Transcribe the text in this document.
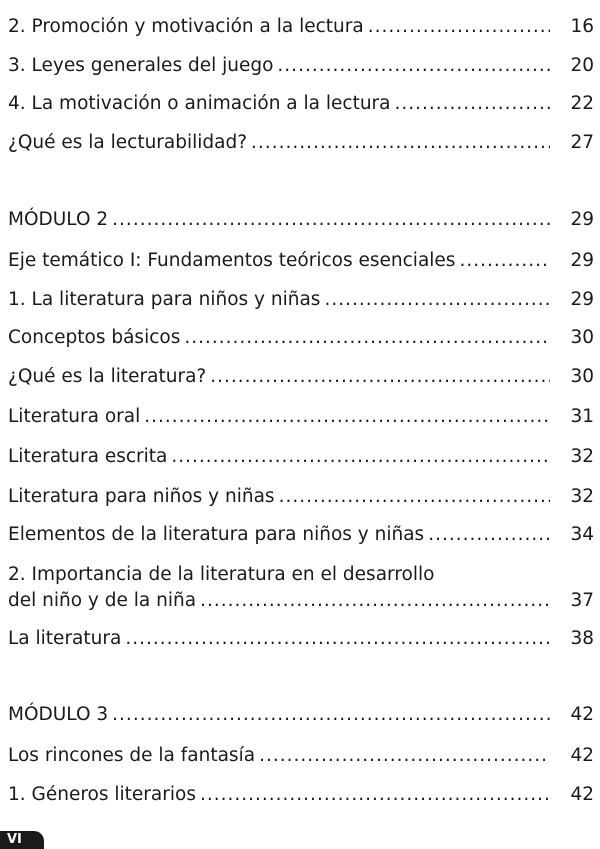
2. Promoción y motivación a la lectura .....	16
3. Leyes generales del juego .....	20
4. La motivación o animación a la lectura .....	22
¿Qué es la lecturabilidad? .....	27
MÓDULO 2 .....	29
Eje temático I: Fundamentos teóricos esenciales .....	29
1. La literatura para niños y niñas .....	29
Conceptos básicos .....	30
¿Qué es la literatura? .....	30
Literatura oral .....	31
Literatura escrita .....	32
Literatura para niños y niñas .....	32
Elementos de la literatura para niños y niñas .....	34
2. Importancia de la literatura en el desarrollo
del niño y de la niña .....	37
La literatura .....	38
MÓDULO 3 .....	42
Los rincones de la fantasía .....	42
1. Géneros literarios .....	42
VI
